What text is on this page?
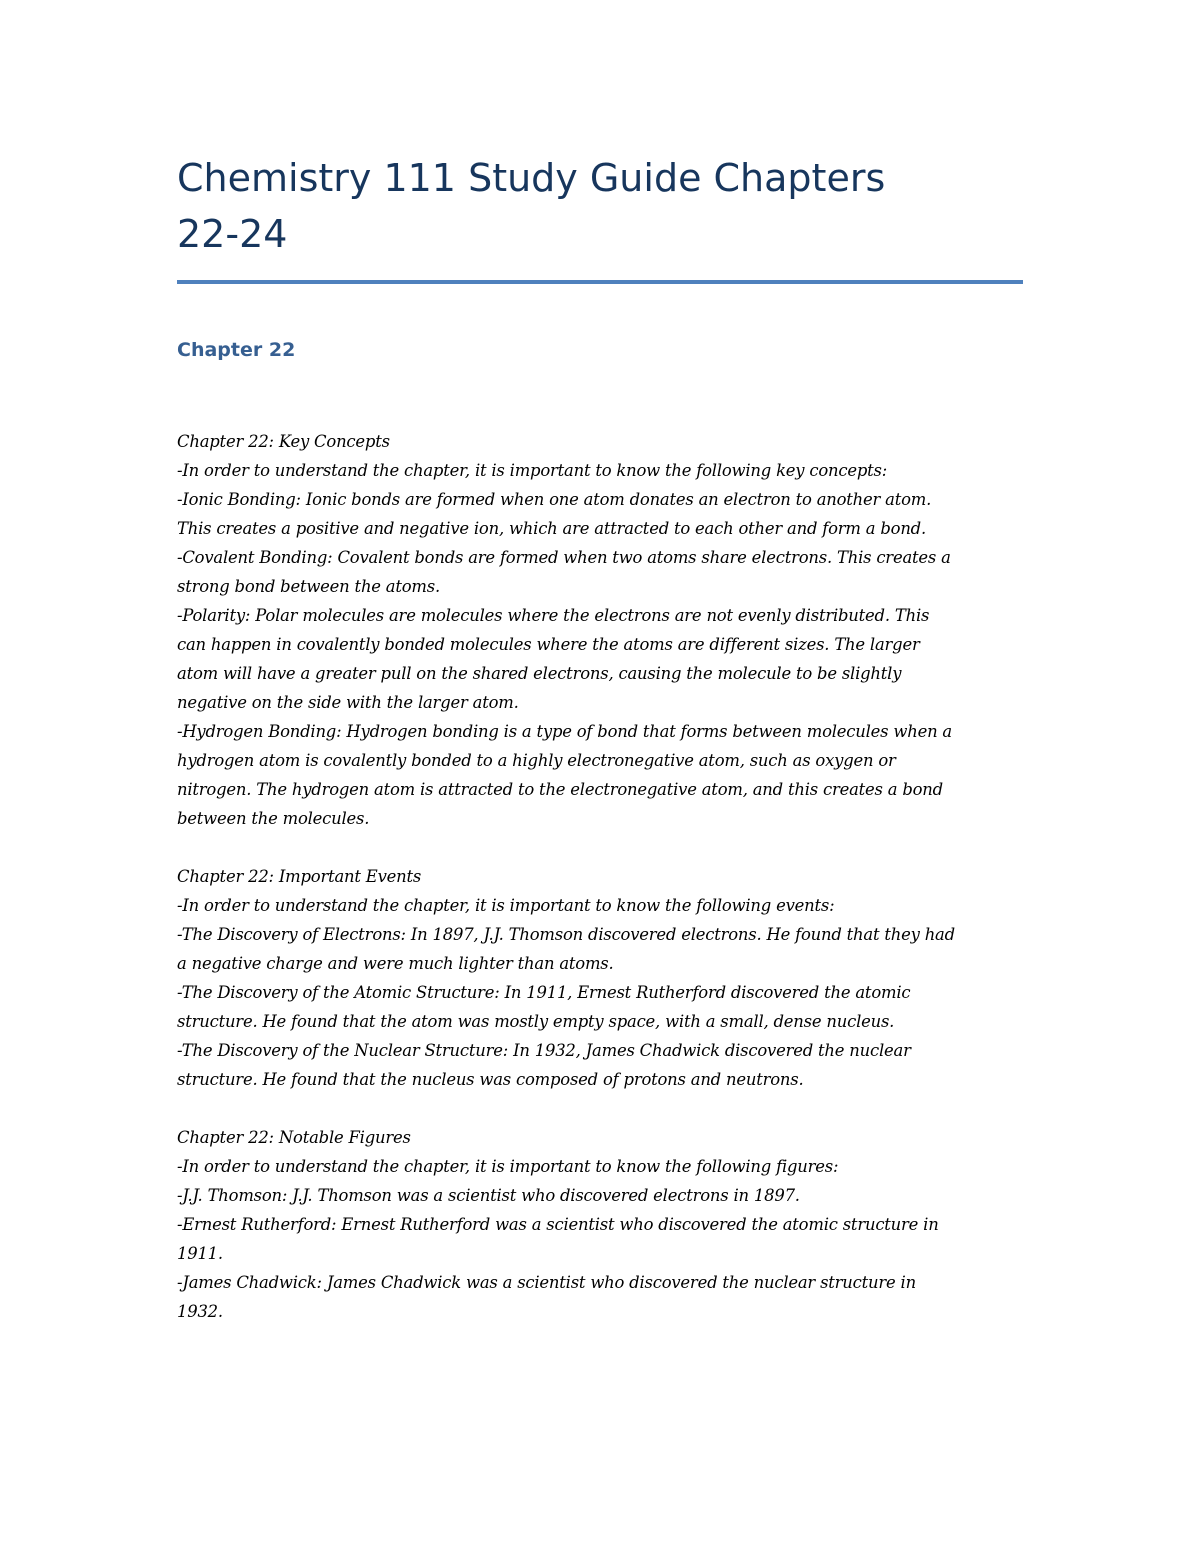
Chemistry 111 Study Guide Chapters
22-24
Chapter 22
Chapter 22: Key Concepts
-In order to understand the chapter, it is important to know the following key concepts:
-Ionic Bonding: Ionic bonds are formed when one atom donates an electron to another atom.
This creates a positive and negative ion, which are attracted to each other and form a bond.
-Covalent Bonding: Covalent bonds are formed when two atoms share electrons. This creates a
strong bond between the atoms.
-Polarity: Polar molecules are molecules where the electrons are not evenly distributed. This
can happen in covalently bonded molecules where the atoms are different sizes. The larger
atom will have a greater pull on the shared electrons, causing the molecule to be slightly
negative on the side with the larger atom.
-Hydrogen Bonding: Hydrogen bonding is a type of bond that forms between molecules when a
hydrogen atom is covalently bonded to a highly electronegative atom, such as oxygen or
nitrogen. The hydrogen atom is attracted to the electronegative atom, and this creates a bond
between the molecules.
Chapter 22: Important Events
-In order to understand the chapter, it is important to know the following events:
-The Discovery of Electrons: In 1897, J.J. Thomson discovered electrons. He found that they had
a negative charge and were much lighter than atoms.
-The Discovery of the Atomic Structure: In 1911, Ernest Rutherford discovered the atomic
structure. He found that the atom was mostly empty space, with a small, dense nucleus.
-The Discovery of the Nuclear Structure: In 1932, James Chadwick discovered the nuclear
structure. He found that the nucleus was composed of protons and neutrons.
Chapter 22: Notable Figures
-In order to understand the chapter, it is important to know the following figures:
-J.J. Thomson: J.J. Thomson was a scientist who discovered electrons in 1897.
-Ernest Rutherford: Ernest Rutherford was a scientist who discovered the atomic structure in
1911.
-James Chadwick: James Chadwick was a scientist who discovered the nuclear structure in
1932.
